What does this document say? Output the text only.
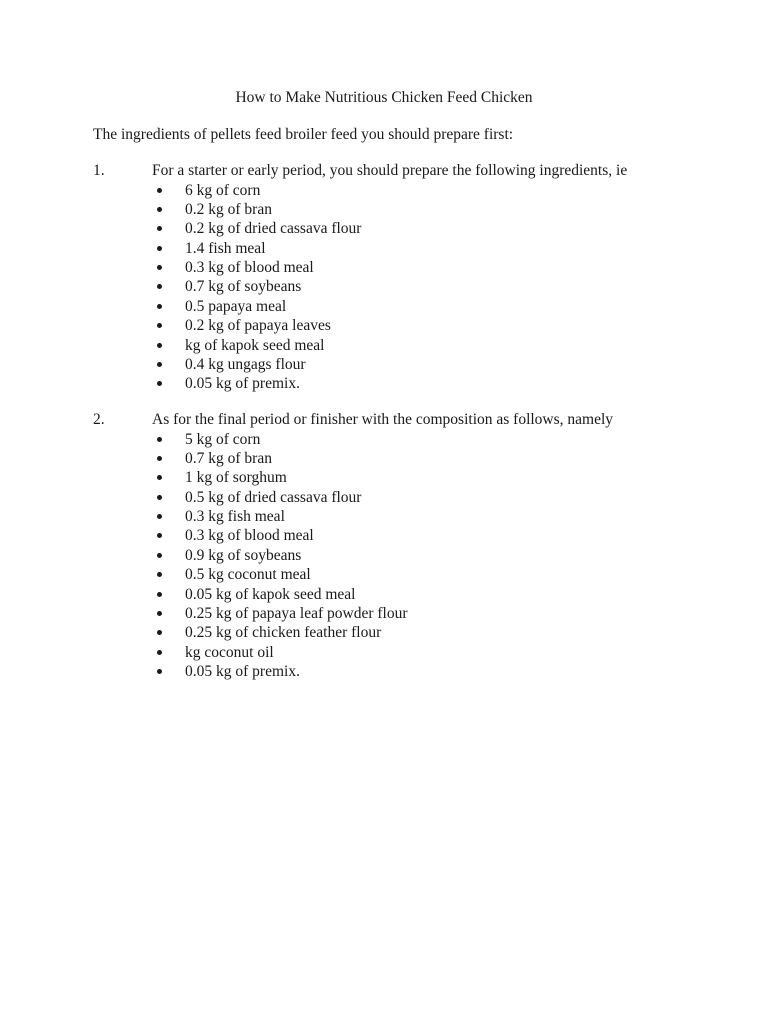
How to Make Nutritious Chicken Feed Chicken
The ingredients of pellets feed broiler feed you should prepare first:
1.	For a starter or early period, you should prepare the following ingredients, ie
6 kg of corn
0.2 kg of bran
0.2 kg of dried cassava flour
1.4 fish meal
0.3 kg of blood meal
0.7 kg of soybeans
0.5 papaya meal
0.2 kg of papaya leaves
kg of kapok seed meal
0.4 kg ungags flour
0.05 kg of premix.
2.	As for the final period or finisher with the composition as follows, namely
5 kg of corn
0.7 kg of bran
1 kg of sorghum
0.5 kg of dried cassava flour
0.3 kg fish meal
0.3 kg of blood meal
0.9 kg of soybeans
0.5 kg coconut meal
0.05 kg of kapok seed meal
0.25 kg of papaya leaf powder flour
0.25 kg of chicken feather flour
kg coconut oil
0.05 kg of premix.
